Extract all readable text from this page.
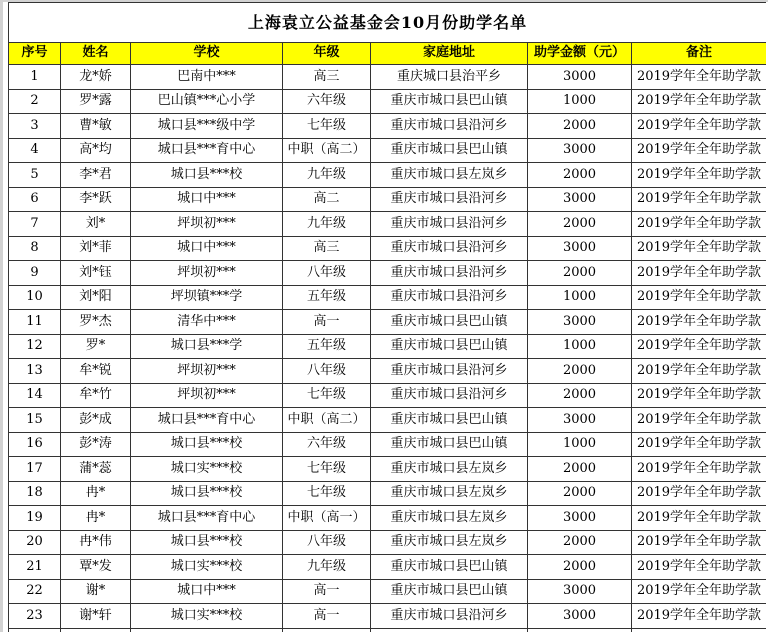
上海袁立公益基金会10月份助学名单						
序号	姓名	学校	年级	家庭地址	助学金额（元）	备注
1	龙*娇	巴南中***	高三	重庆城口县治平乡	3000	2019学年全年助学款
2	罗*露	巴山镇***心小学	六年级	重庆市城口县巴山镇	1000	2019学年全年助学款
3	曹*敏	城口县***级中学	七年级	重庆市城口县沿河乡	2000	2019学年全年助学款
4	高*均	城口县***育中心	中职（高二）	重庆市城口县巴山镇	3000	2019学年全年助学款
5	李*君	城口县***校	九年级	重庆市城口县左岚乡	2000	2019学年全年助学款
6	李*跃	城口中***	高二	重庆市城口县沿河乡	3000	2019学年全年助学款
7	刘*	坪坝初***	九年级	重庆市城口县沿河乡	2000	2019学年全年助学款
8	刘*菲	城口中***	高三	重庆市城口县沿河乡	3000	2019学年全年助学款
9	刘*钰	坪坝初***	八年级	重庆市城口县沿河乡	2000	2019学年全年助学款
10	刘*阳	坪坝镇***学	五年级	重庆市城口县沿河乡	1000	2019学年全年助学款
11	罗*杰	清华中***	高一	重庆市城口县巴山镇	3000	2019学年全年助学款
12	罗*	城口县***学	五年级	重庆市城口县巴山镇	1000	2019学年全年助学款
13	牟*锐	坪坝初***	八年级	重庆市城口县沿河乡	2000	2019学年全年助学款
14	牟*竹	坪坝初***	七年级	重庆市城口县沿河乡	2000	2019学年全年助学款
15	彭*成	城口县***育中心	中职（高二）	重庆市城口县巴山镇	3000	2019学年全年助学款
16	彭*涛	城口县***校	六年级	重庆市城口县巴山镇	1000	2019学年全年助学款
17	蒲*蕊	城口实***校	七年级	重庆市城口县左岚乡	2000	2019学年全年助学款
18	冉*	城口县***校	七年级	重庆市城口县左岚乡	2000	2019学年全年助学款
19	冉*	城口县***育中心	中职（高一）	重庆市城口县左岚乡	3000	2019学年全年助学款
20	冉*伟	城口县***校	八年级	重庆市城口县左岚乡	2000	2019学年全年助学款
21	覃*发	城口实***校	九年级	重庆市城口县巴山镇	2000	2019学年全年助学款
22	谢*	城口中***	高一	重庆市城口县巴山镇	3000	2019学年全年助学款
23	谢*轩	城口实***校	高一	重庆市城口县沿河乡	3000	2019学年全年助学款
